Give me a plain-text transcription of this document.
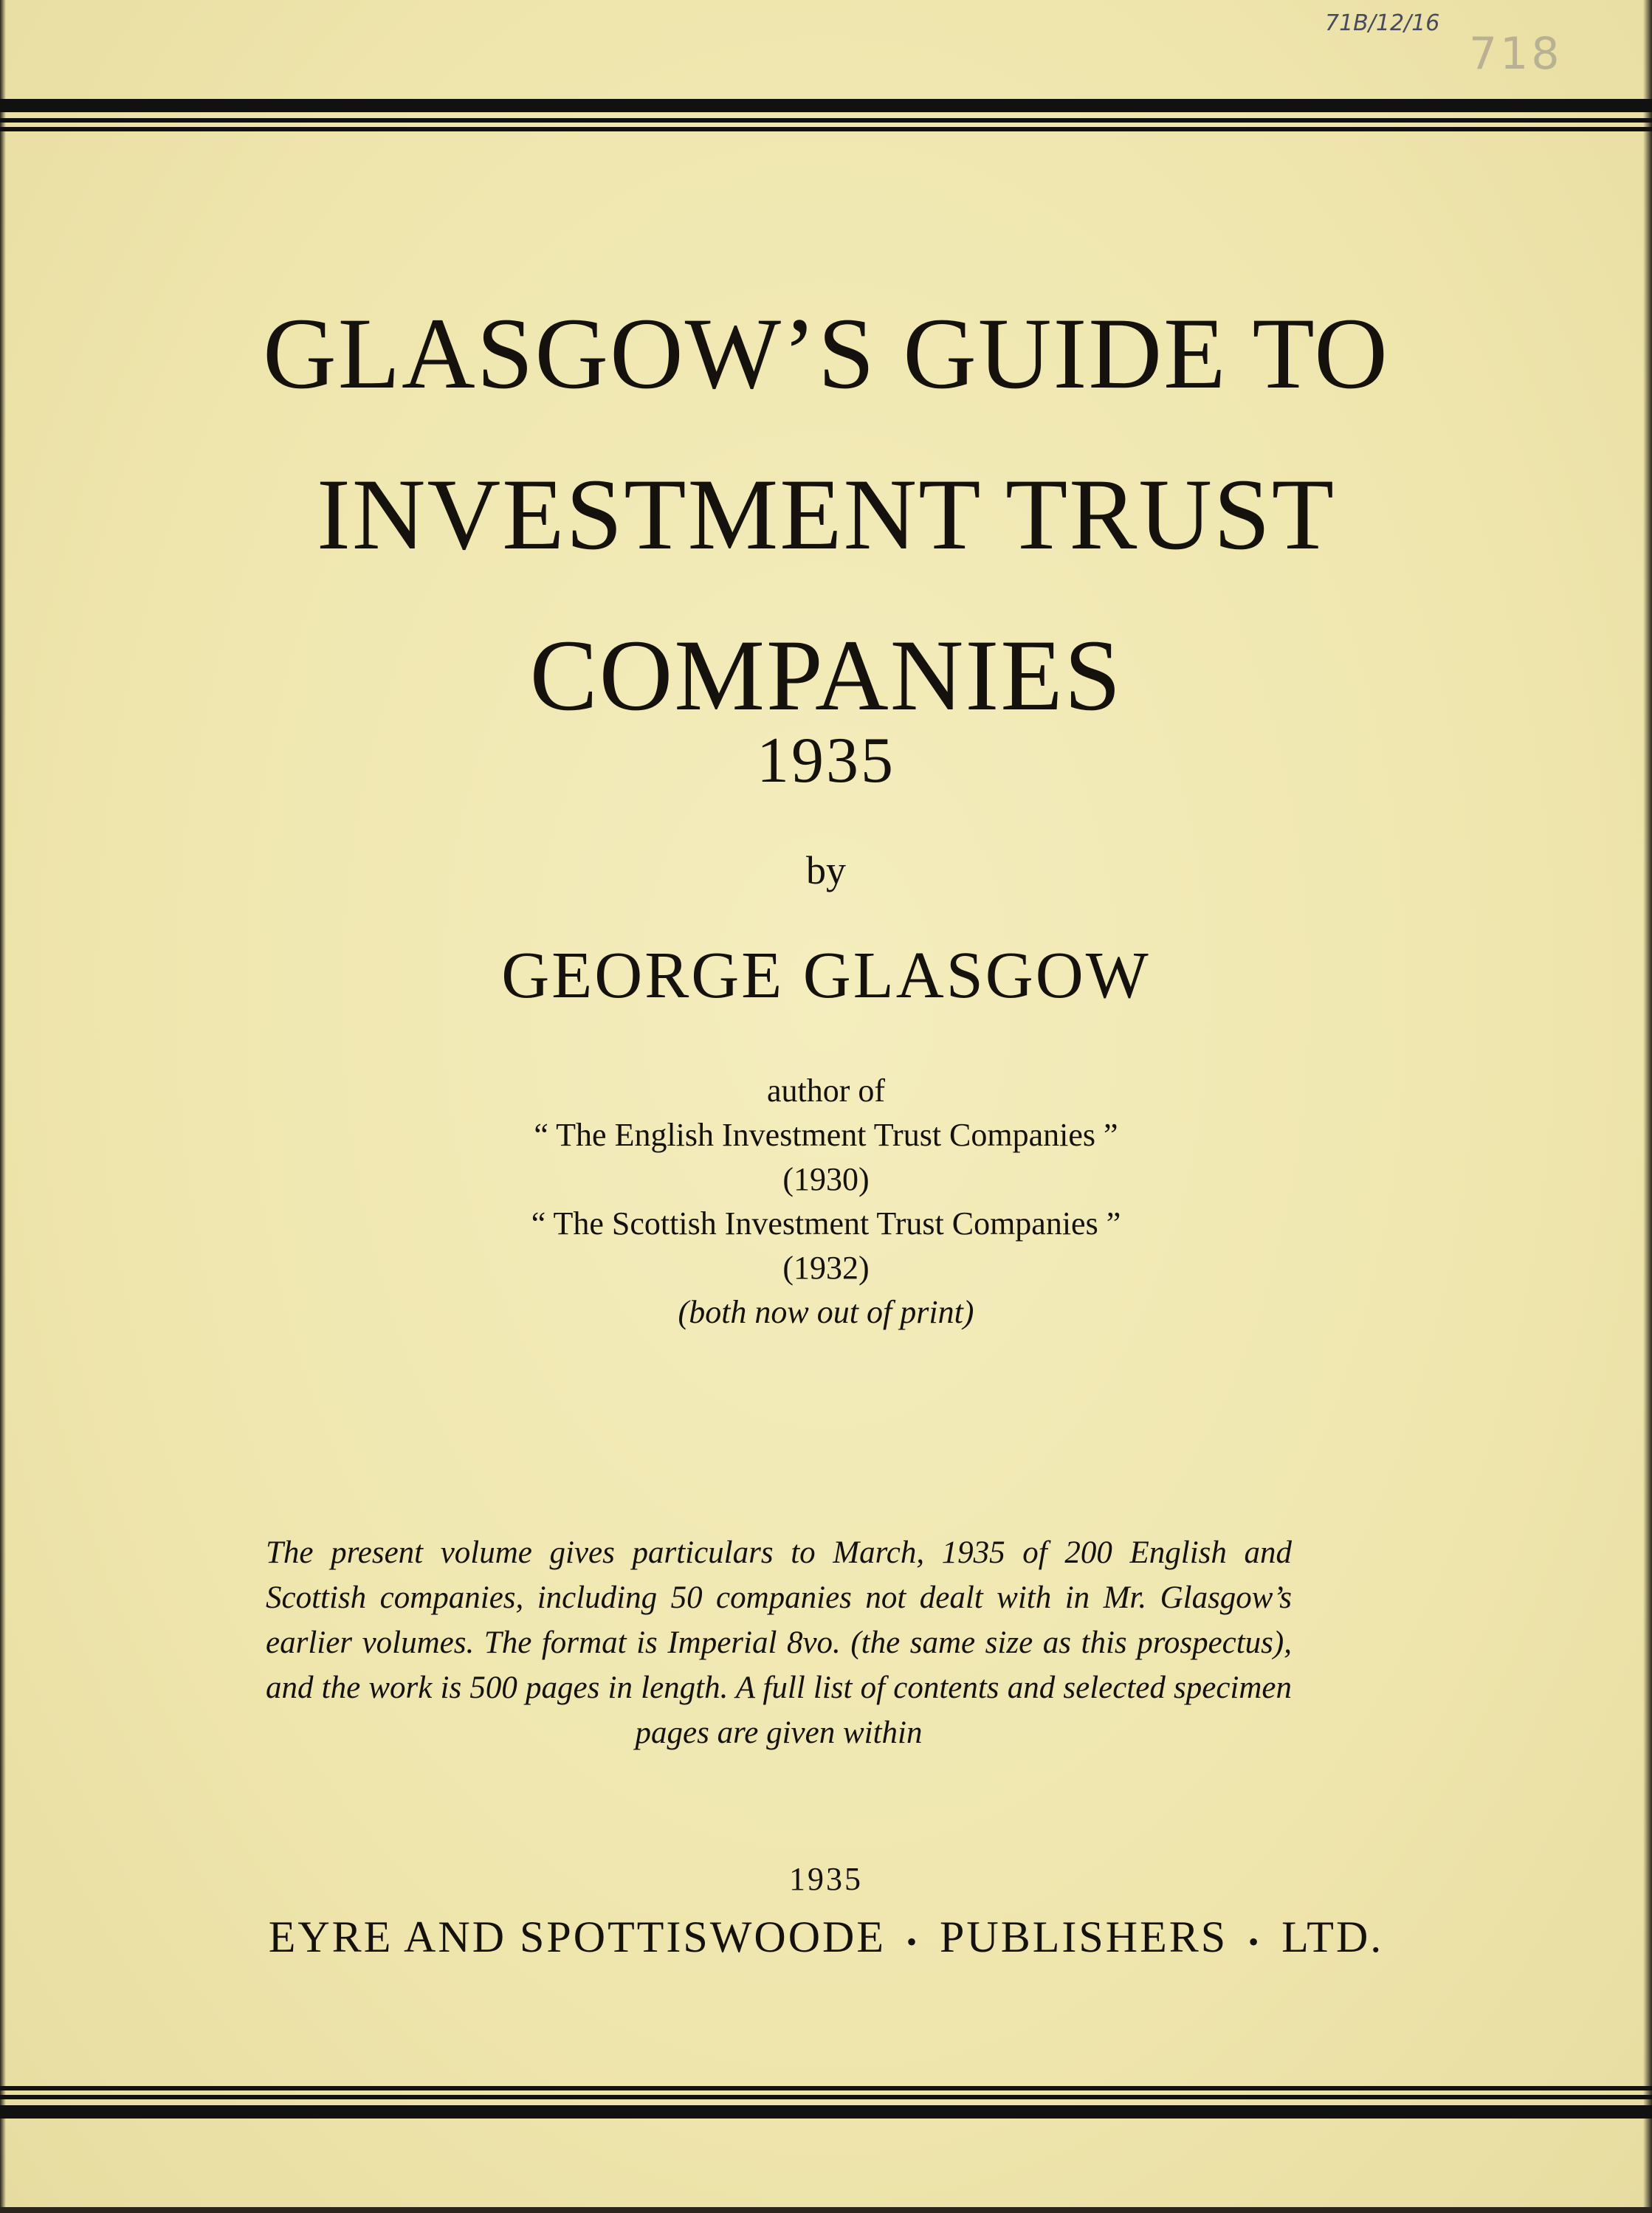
71B/12/16
718
GLASGOW’S GUIDE TO
INVESTMENT TRUST
COMPANIES
1935
by
GEORGE GLASGOW
author of
“ The English Investment Trust Companies ”
(1930)
“ The Scottish Investment Trust Companies ”
(1932)
(both now out of print)

The present volume gives particulars to March, 1935 of 200 English and Scottish companies, including 50 companies not dealt with in Mr. Glasgow’s earlier volumes. The format is Imperial 8vo. (the same size as this prospectus), and the work is 500 pages in length. A full list of contents and selected specimen pages are given within

1935
EYRE AND SPOTTISWOODE • PUBLISHERS • LTD.
